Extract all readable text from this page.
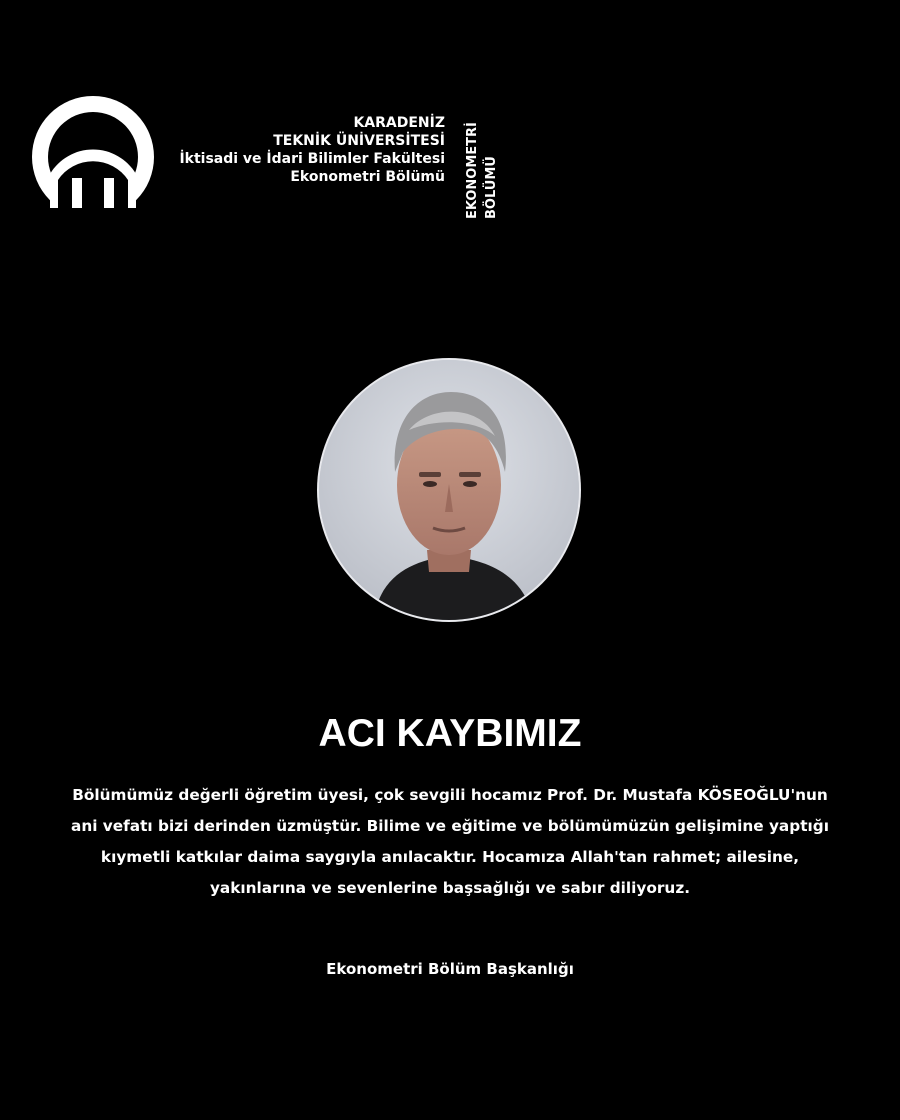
KARADENİZ
TEKNİK ÜNİVERSİTESİ
İktisadi ve İdari Bilimler Fakültesi
Ekonometri Bölümü EKONOMETRİ BÖLÜMÜ
ACI KAYBIMIZ
Bölümümüz değerli öğretim üyesi, çok sevgili hocamız Prof. Dr. Mustafa KÖSEOĞLU'nun
ani vefatı bizi derinden üzmüştür. Bilime ve eğitime ve bölümümüzün gelişimine yaptığı
kıymetli katkılar daima saygıyla anılacaktır. Hocamıza Allah'tan rahmet; ailesine,
yakınlarına ve sevenlerine başsağlığı ve sabır diliyoruz.
Ekonometri Bölüm Başkanlığı
